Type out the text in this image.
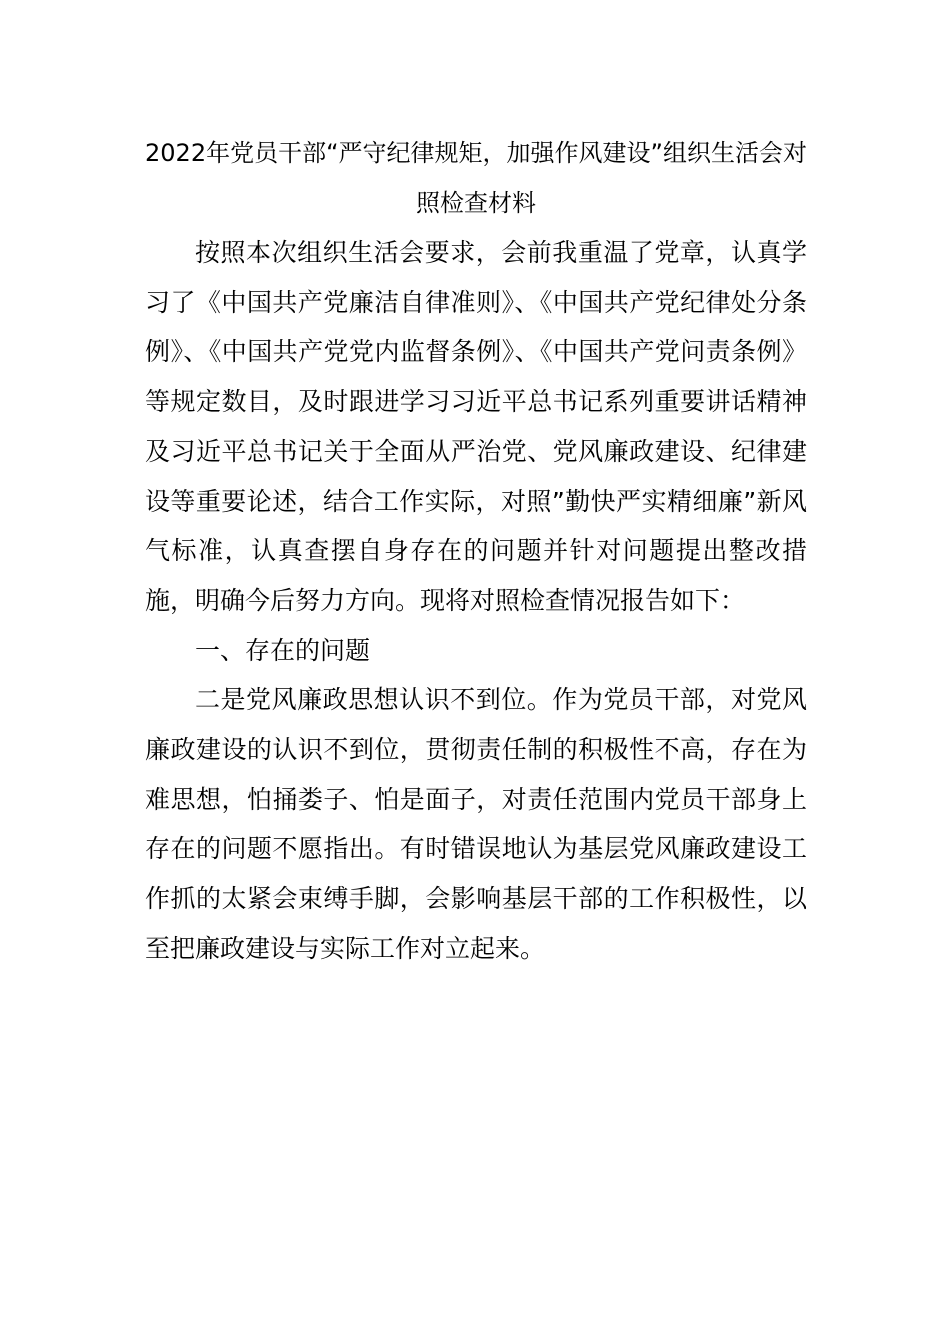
2022年党员干部“严守纪律规矩，加强作风建设”组织生活会对照检查材料

按照本次组织生活会要求，会前我重温了党章，认真学习了《中国共产党廉洁自律准则》、《中国共产党纪律处分条例》、《中国共产党党内监督条例》、《中国共产党问责条例》等规定数目，及时跟进学习习近平总书记系列重要讲话精神及习近平总书记关于全面从严治党、党风廉政建设、纪律建设等重要论述，结合工作实际，对照”勤快严实精细廉”新风气标准，认真查摆自身存在的问题并针对问题提出整改措施，明确今后努力方向。现将对照检查情况报告如下：

一、存在的问题

二是党风廉政思想认识不到位。作为党员干部，对党风廉政建设的认识不到位，贯彻责任制的积极性不高，存在为难思想，怕捅娄子、怕是面子，对责任范围内党员干部身上存在的问题不愿指出。有时错误地认为基层党风廉政建设工作抓的太紧会束缚手脚，会影响基层干部的工作积极性，以至把廉政建设与实际工作对立起来。
